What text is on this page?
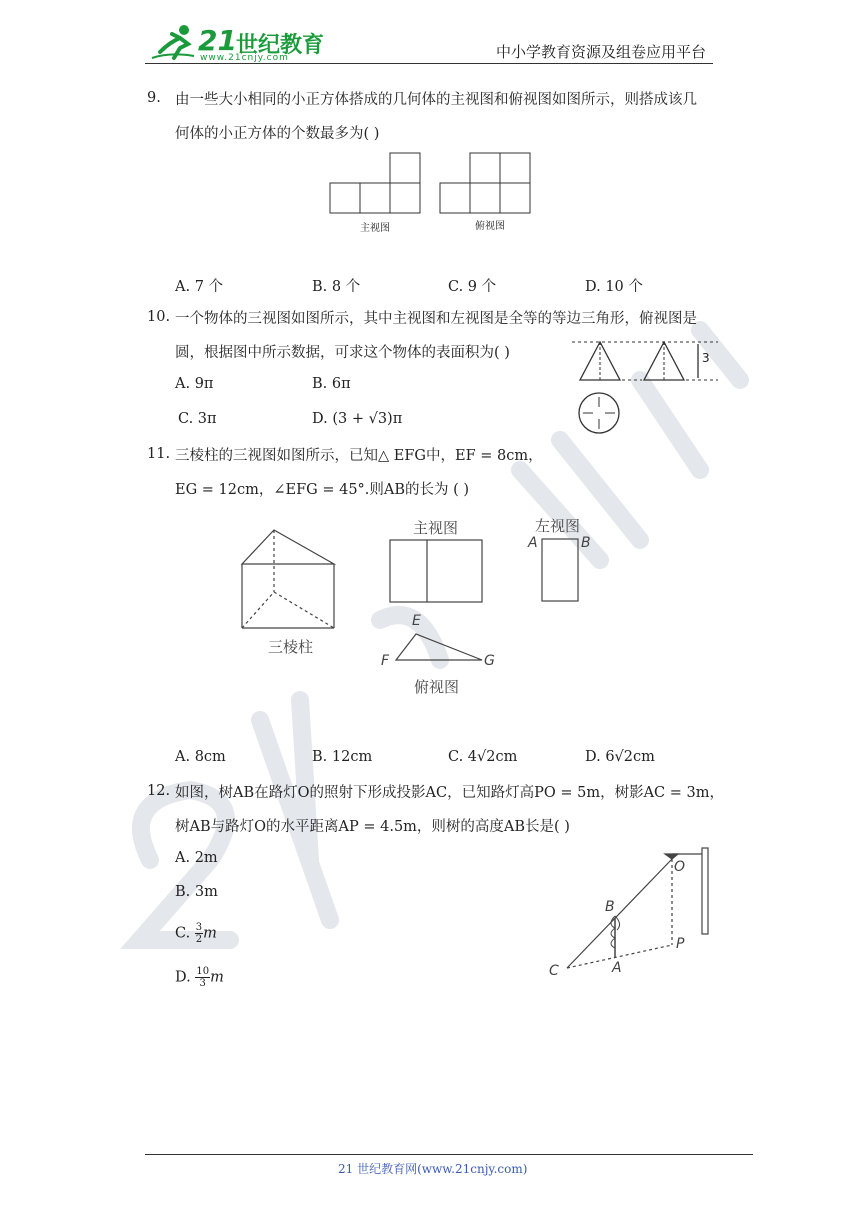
21 世纪教育
www.21cnjy.com	中小学教育资源及组卷应用平台
9. 由一些大小相同的小正方体搭成的几何体的主视图和俯视图如图所示，则搭成该几
何体的小正方体的个数最多为( )
主视图	俯视图
A. 7 个	B. 8 个	C. 9 个	D. 10 个
10. 一个物体的三视图如图所示，其中主视图和左视图是全等的等边三角形，俯视图是
圆，根据图中所示数据，可求这个物体的表面积为( )	3
A. 9π	B. 6π
C. 3π	D. (3 + √3)π
11. 三棱柱的三视图如图所示，已知△ EFG中，EF = 8cm，
EG = 12cm，∠EFG = 45°.则AB的长为 ( )
三棱柱
主视图	左视图
A	B
E
F	G
俯视图
A. 8cm	B. 12cm	C. 4√2cm	D. 6√2cm
12. 如图，树AB在路灯O的照射下形成投影AC，已知路灯高PO = 5m，树影AC = 3m，
树AB与路灯O的水平距离AP = 4.5m，则树的高度AB长是( )
A. 2m
B. 3m
C. $\frac{3}{2}$ m
D. $\frac{10}{3}$ m
O
B
P
C	A
21 世纪教育网(www.21cnjy.com)
